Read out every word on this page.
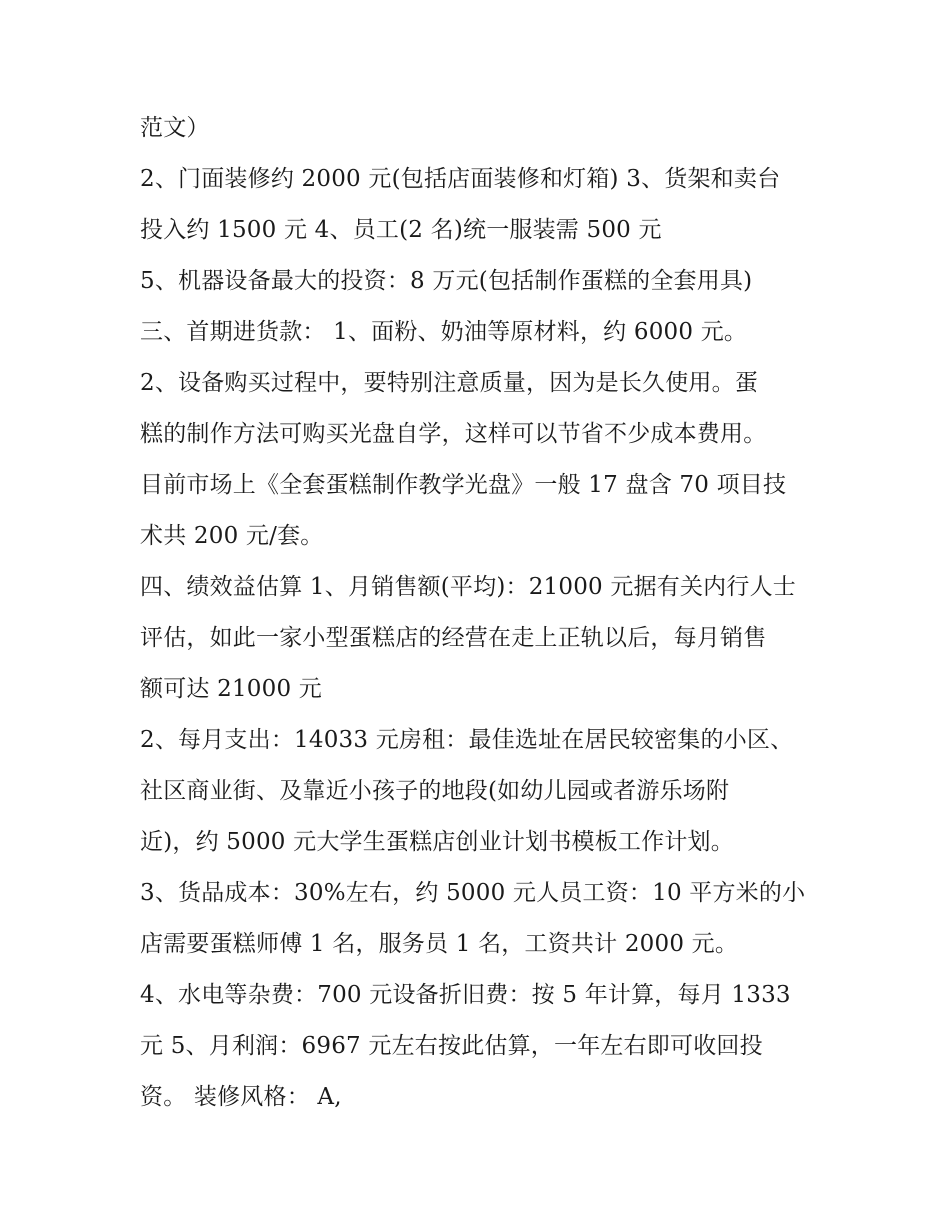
范文）
2、门面装修约 2000 元(包括店面装修和灯箱) 3、货架和卖台
投入约 1500 元 4、员工(2 名)统一服装需 500 元
5、机器设备最大的投资：8 万元(包括制作蛋糕的全套用具)
三、首期进货款： 1、面粉、奶油等原材料，约 6000 元。
2、设备购买过程中，要特别注意质量，因为是长久使用。蛋
糕的制作方法可购买光盘自学，这样可以节省不少成本费用。
目前市场上《全套蛋糕制作教学光盘》一般 17 盘含 70 项目技
术共 200 元/套。
四、绩效益估算 1、月销售额(平均)：21000 元据有关内行人士
评估，如此一家小型蛋糕店的经营在走上正轨以后，每月销售
额可达 21000 元
2、每月支出：14033 元房租：最佳选址在居民较密集的小区、
社区商业街、及靠近小孩子的地段(如幼儿园或者游乐场附
近)，约 5000 元大学生蛋糕店创业计划书模板工作计划。
3、货品成本：30%左右，约 5000 元人员工资：10 平方米的小
店需要蛋糕师傅 1 名，服务员 1 名，工资共计 2000 元。
4、水电等杂费：700 元设备折旧费：按 5 年计算，每月 1333
元 5、月利润：6967 元左右按此估算，一年左右即可收回投
资。 装修风格： A,
